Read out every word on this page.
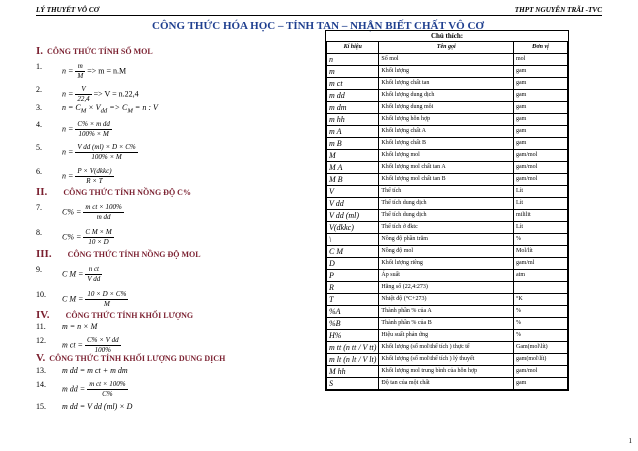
LÝ THUYẾT VÔ CƠ	THPT NGUYỄN TRÃI -TVC
CÔNG THỨC HÓA HỌC – TÍNH TAN – NHẬN BIẾT CHẤT VÔ CƠ
I. CÔNG THỨC TÍNH SỐ MOL
1.	$n = \frac{m}{M} => m = n.M$
2.	$n = \frac{V}{22,4} => V = n.22,4$
3.	$n = C_M \times V_{dd} => C_M = n$ : V
4.	$n = \frac{\text{C\% × m dd}}{100\% \times M}$
5.	$n = \frac{\text{V dd (ml) × D × C\%}}{100\% \times M}$
6.	n =
P × V(dkkc)
R × T
II. CÔNG THỨC TÍNH NỒNG ĐỘ C%
7.	$C\% = \frac{\text{m ct × 100\%}}{\text{m dd}}$
8.	$C\% = \frac{\text{C M × M}}{10 \times D}$
III. CÔNG THỨC TÍNH NỒNG ĐỘ MOL
9.	C $M = \frac{\text{n ct}}{\text{V dd}}$
10. C $M = \frac{10 \times D \times C\%}{M}$
IV. CÔNG THỨC TÍNH KHỐI LƯỢNG
11. m = n × M
12. m ct = $\frac{\text{C\% × V dd}}{100\%}$
V. CÔNG THỨC TÍNH KHỐI LƯỢNG DUNG DỊCH
13. m dd = m ct + m dm
14. m dd = $\frac{\text{m ct × 100\%}}{C\%}$
15. m dd = V dd (ml) × D
Chú thích:
Kí hiệu	Tên gọi	Đơn vị
n	Số mol	mol
m	Khối lượng	gam
m ct	Khối lượng chất tan	gam
m dd	Khối lượng dung dịch	gam
m dm	Khối lượng dung môi	gam
m hh	Khối lượng hỗn hợp	gam
m A	Khối lượng chất A	gam
m B	Khối lượng chất B	gam
M	Khối lượng mol	gam/mol
M A	Khối lượng mol chất tan A	gam/mol
M B	Khối lượng mol chất tan B	gam/mol
V	Thể tích	Lít
V dd	Thể tích dung dịch	Lít
V dd (ml)	Thể tích dung dịch	mililit
V(dkkc)	Thể tích ở đktc	Lít
\	Nồng độ phần trăm	%
C M	Nồng độ mol	Mol/lít
D	Khối lượng riêng	gam/ml
P	Áp suất	atm
R	Hằng số (22,4:273)	
T	Nhiệt độ (°C+273)	°K
%A	Thành phần % của A	%
%B	Thành phần % của B	%
H%	Hiệu suất phản ứng	%
m tt (n tt / V tt)	Khối lượng (số mol\thể tích ) thực tế	Gam(mol\lít)
m lt (n lt / V lt)	Khối lượng (số mol\thể tích ) lý thuyết	gam(mol\lít)
M hh	Khối lượng mol trung bình của hỗn hợp	gam/mol
S	Độ tan của một chất	gam
1
